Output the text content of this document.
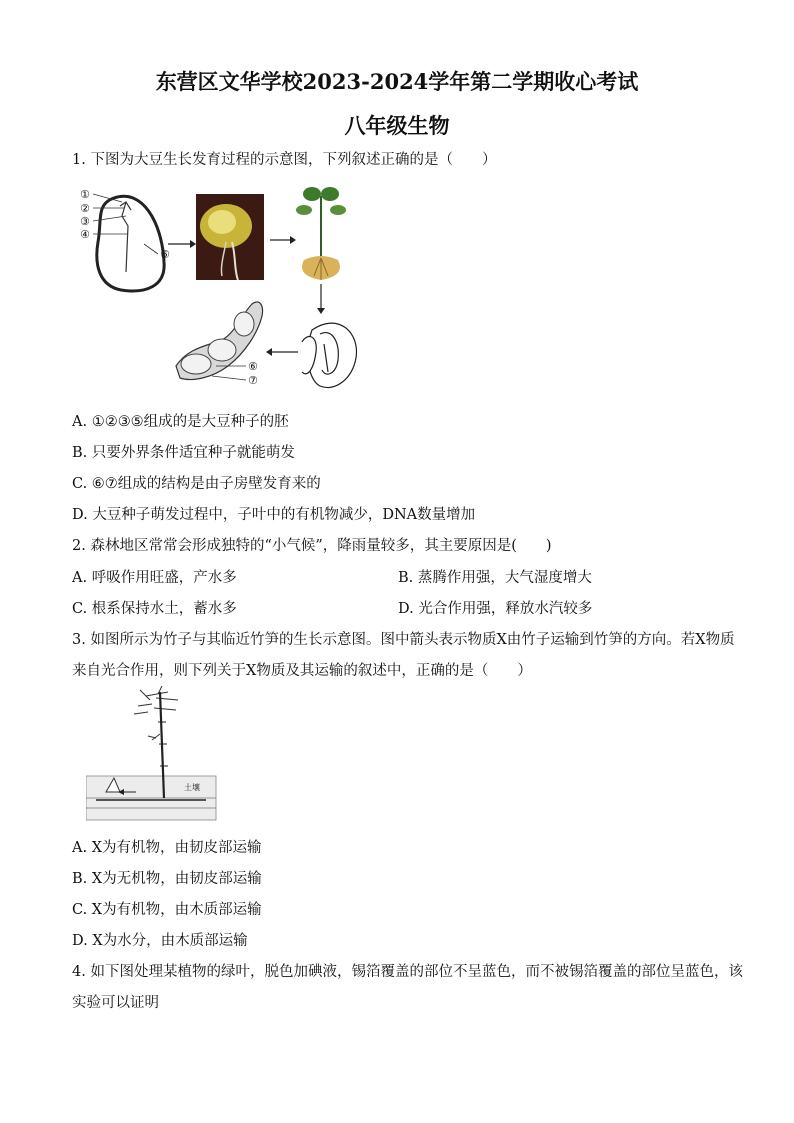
东营区文华学校2023-2024学年第二学期收心考试
八年级生物
1. 下图为大豆生长发育过程的示意图，下列叙述正确的是（　　）
①
②
③
④
⑤
⑥
⑦
A. ①②③⑤组成的是大豆种子的胚
B. 只要外界条件适宜种子就能萌发
C. ⑥⑦组成的结构是由子房壁发育来的
D. 大豆种子萌发过程中，子叶中的有机物减少，DNA数量增加
2. 森林地区常常会形成独特的“小气候”，降雨量较多，其主要原因是(　　)
A. 呼吸作用旺盛，产水多	B. 蒸腾作用强，大气湿度增大
C. 根系保持水土，蓄水多	D. 光合作用强，释放水汽较多
3. 如图所示为竹子与其临近竹笋的生长示意图。图中箭头表示物质X由竹子运输到竹笋的方向。若X物质
来自光合作用，则下列关于X物质及其运输的叙述中，正确的是（　　）
土壤
A. X为有机物，由韧皮部运输
B. X为无机物，由韧皮部运输
C. X为有机物，由木质部运输
D. X为水分，由木质部运输
4. 如下图处理某植物的绿叶，脱色加碘液，锡箔覆盖的部位不呈蓝色，而不被锡箔覆盖的部位呈蓝色，该
实验可以证明
